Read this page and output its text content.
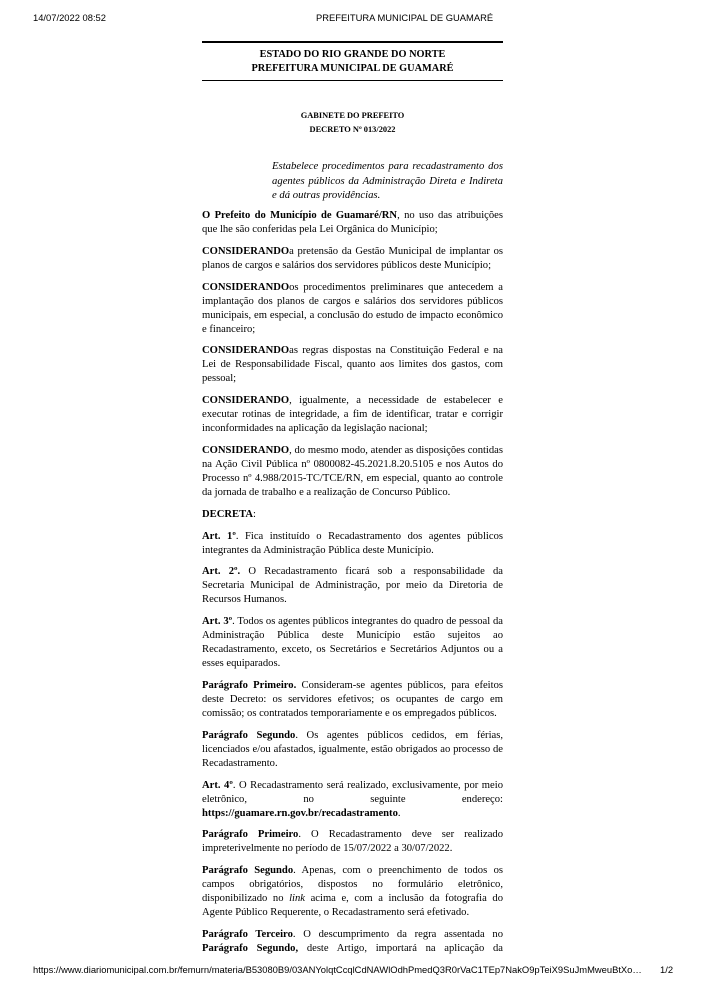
14/07/2022 08:52	PREFEITURA MUNICIPAL DE GUAMARÉ
ESTADO DO RIO GRANDE DO NORTE
PREFEITURA MUNICIPAL DE GUAMARÉ
GABINETE DO PREFEITO
DECRETO Nº 013/2022

Estabelece procedimentos para recadastramento dos agentes públicos da Administração Direta e Indireta e dá outras providências.

O Prefeito do Município de Guamaré/RN, no uso das atribuições que lhe são conferidas pela Lei Orgânica do Município;

CONSIDERANDOa pretensão da Gestão Municipal de implantar os planos de cargos e salários dos servidores públicos deste Município;

CONSIDERANDOos procedimentos preliminares que antecedem a implantação dos planos de cargos e salários dos servidores públicos municipais, em especial, a conclusão do estudo de impacto econômico e financeiro;

CONSIDERANDOas regras dispostas na Constituição Federal e na Lei de Responsabilidade Fiscal, quanto aos limites dos gastos, com pessoal;

CONSIDERANDO, igualmente, a necessidade de estabelecer e executar rotinas de integridade, a fim de identificar, tratar e corrigir inconformidades na aplicação da legislação nacional;

CONSIDERANDO, do mesmo modo, atender as disposições contidas na Ação Civil Pública nº 0800082-45.2021.8.20.5105 e nos Autos do Processo nº 4.988/2015-TC/TCE/RN, em especial, quanto ao controle da jornada de trabalho e a realização de Concurso Público.

DECRETA:

Art. 1º. Fica instituído o Recadastramento dos agentes públicos integrantes da Administração Pública deste Município.

Art. 2º. O Recadastramento ficará sob a responsabilidade da Secretaria Municipal de Administração, por meio da Diretoria de Recursos Humanos.

Art. 3º. Todos os agentes públicos integrantes do quadro de pessoal da Administração Pública deste Município estão sujeitos ao Recadastramento, exceto, os Secretários e Secretários Adjuntos ou a esses equiparados.

Parágrafo Primeiro. Consideram-se agentes públicos, para efeitos deste Decreto: os servidores efetivos; os ocupantes de cargo em comissão; os contratados temporariamente e os empregados públicos.

Parágrafo Segundo. Os agentes públicos cedidos, em férias, licenciados e/ou afastados, igualmente, estão obrigados ao processo de Recadastramento.

Art. 4º. O Recadastramento será realizado, exclusivamente, por meio eletrônico, no seguinte endereço: https://guamare.rn.gov.br/recadastramento.

Parágrafo Primeiro. O Recadastramento deve ser realizado impreterivelmente no período de 15/07/2022 a 30/07/2022.

Parágrafo Segundo. Apenas, com o preenchimento de todos os campos obrigatórios, dispostos no formulário eletrônico, disponibilizado no link acima e, com a inclusão da fotografia do Agente Público Requerente, o Recadastramento será efetivado.

Parágrafo Terceiro. O descumprimento da regra assentada no Parágrafo Segundo, deste Artigo, importará na aplicação da

https://www.diariomunicipal.com.br/femurn/materia/B53080B9/03ANYolqtCcqlCdNAWlOdhPmedQ3R0rVaC1TEp7NakO9pTeiX9SuJmMweuBtXo…	1/2
